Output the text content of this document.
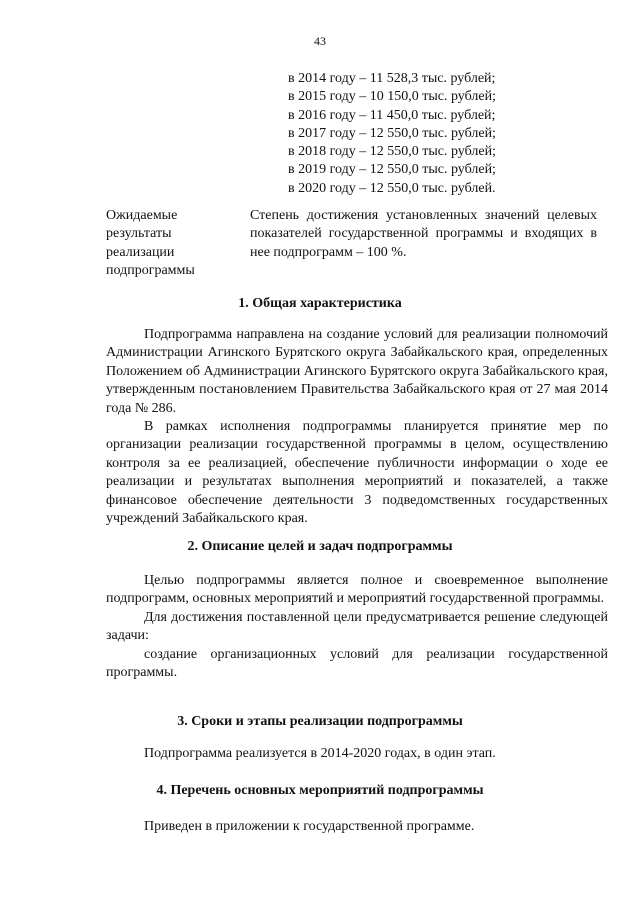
43
в 2014 году – 11 528,3 тыс. рублей;
в 2015 году – 10 150,0 тыс. рублей;
в 2016 году – 11 450,0 тыс. рублей;
в 2017 году – 12 550,0 тыс. рублей;
в 2018 году – 12 550,0 тыс. рублей;
в 2019 году – 12 550,0 тыс. рублей;
в 2020 году – 12 550,0 тыс. рублей.
Ожидаемые
результаты
реализации
подпрограммы
Степень достижения установленных значений целевых показателей государственной программы и входящих в нее подпрограмм – 100 %.
1. Общая характеристика

Подпрограмма направлена на создание условий для реализации полномочий Администрации Агинского Бурятского округа Забайкальского края, определенных Положением об Администрации Агинского Бурятского округа Забайкальского края, утвержденным постановлением Правительства Забайкальского края от 27 мая 2014 года № 286.

В рамках исполнения подпрограммы планируется принятие мер по организации реализации государственной программы в целом, осуществлению контроля за ее реализацией, обеспечение публичности информации о ходе ее реализации и результатах выполнения мероприятий и показателей, а также финансовое обеспечение деятельности 3 подведомственных государственных учреждений Забайкальского края.

2. Описание целей и задач подпрограммы

Целью подпрограммы является полное и своевременное выполнение подпрограмм, основных мероприятий и мероприятий государственной программы.

Для достижения поставленной цели предусматривается решение следующей задачи:

создание организационных условий для реализации государственной программы.

3. Сроки и этапы реализации подпрограммы

Подпрограмма реализуется в 2014-2020 годах, в один этап.

4. Перечень основных мероприятий подпрограммы

Приведен в приложении к государственной программе.
